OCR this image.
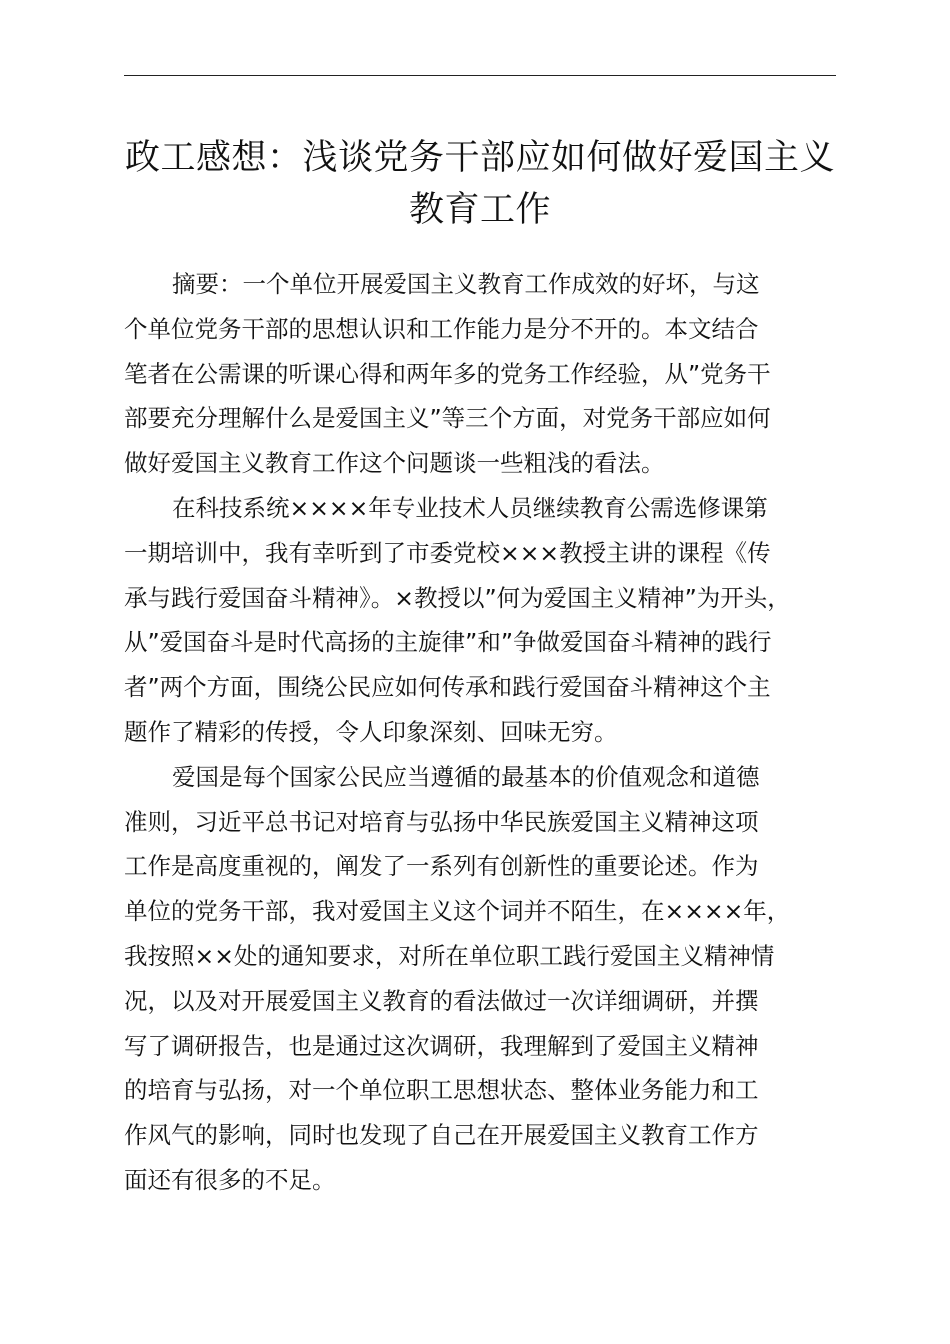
政工感想：浅谈党务干部应如何做好爱国主义
教育工作
摘要：一个单位开展爱国主义教育工作成效的好坏，与这
个单位党务干部的思想认识和工作能力是分不开的。本文结合
笔者在公需课的听课心得和两年多的党务工作经验，从”党务干
部要充分理解什么是爱国主义”等三个方面，对党务干部应如何
做好爱国主义教育工作这个问题谈一些粗浅的看法。
在科技系统××××年专业技术人员继续教育公需选修课第
一期培训中，我有幸听到了市委党校×××教授主讲的课程《传
承与践行爱国奋斗精神》。×教授以”何为爱国主义精神”为开头，
从”爱国奋斗是时代高扬的主旋律”和”争做爱国奋斗精神的践行
者”两个方面，围绕公民应如何传承和践行爱国奋斗精神这个主
题作了精彩的传授，令人印象深刻、回味无穷。
爱国是每个国家公民应当遵循的最基本的价值观念和道德
准则，习近平总书记对培育与弘扬中华民族爱国主义精神这项
工作是高度重视的，阐发了一系列有创新性的重要论述。作为
单位的党务干部，我对爱国主义这个词并不陌生，在××××年，
我按照××处的通知要求，对所在单位职工践行爱国主义精神情
况，以及对开展爱国主义教育的看法做过一次详细调研，并撰
写了调研报告，也是通过这次调研，我理解到了爱国主义精神
的培育与弘扬，对一个单位职工思想状态、整体业务能力和工
作风气的影响，同时也发现了自己在开展爱国主义教育工作方
面还有很多的不足。
